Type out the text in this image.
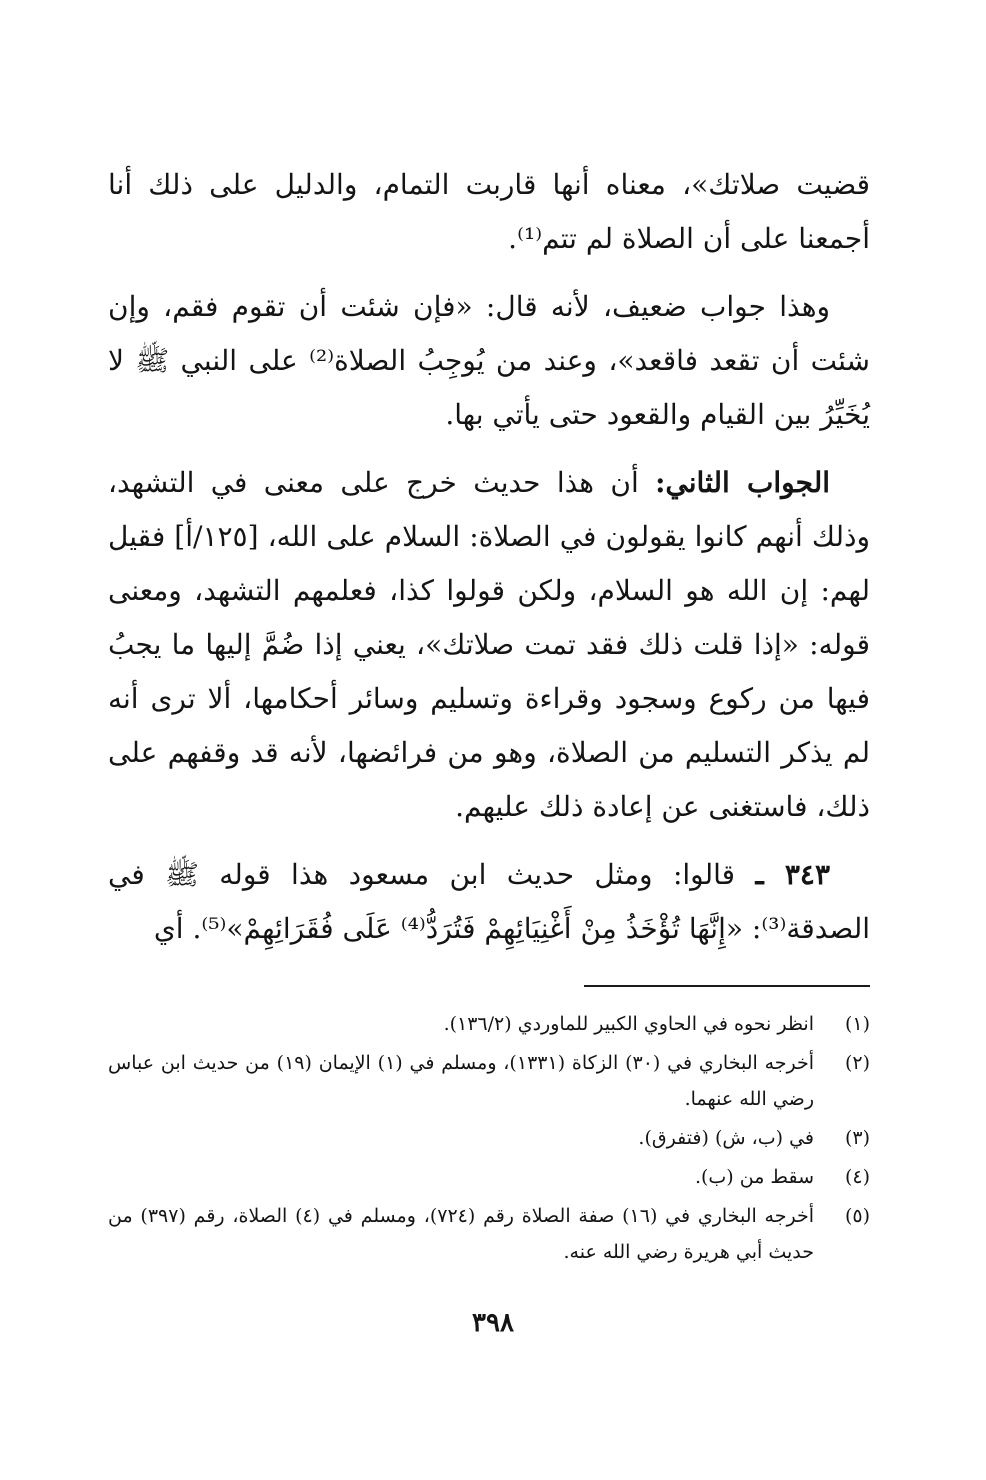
قضيت صلاتك»، معناه أنها قاربت التمام، والدليل على ذلك أنا أجمعنا على أن الصلاة لم تتم⁽¹⁾.

وهذا جواب ضعيف، لأنه قال: «فإن شئت أن تقوم فقم، وإن شئت أن تقعد فاقعد»، وعند من يُوجِبُ الصلاة⁽²⁾ على النبي ﷺ لا يُخَيِّرُ بين القيام والقعود حتى يأتي بها.

الجواب الثاني: أن هذا حديث خرج على معنى في التشهد، وذلك أنهم كانوا يقولون في الصلاة: السلام على الله، [١٢٥/أ] فقيل لهم: إن الله هو السلام، ولكن قولوا كذا، فعلمهم التشهد، ومعنى قوله: «إذا قلت ذلك فقد تمت صلاتك»، يعني إذا ضُمَّ إليها ما يجبُ فيها من ركوع وسجود وقراءة وتسليم وسائر أحكامها، ألا ترى أنه لم يذكر التسليم من الصلاة، وهو من فرائضها، لأنه قد وقفهم على ذلك، فاستغنى عن إعادة ذلك عليهم.

٣٤٣ ـ قالوا: ومثل حديث ابن مسعود هذا قوله ﷺ في الصدقة⁽³⁾: «إِنَّهَا تُؤْخَذُ مِنْ أَغْنِيَائِهِمْ فَتُرَدُّ⁽⁴⁾ عَلَى فُقَرَائِهِمْ»⁽⁵⁾. أي

(١)
انظر نحوه في الحاوي الكبير للماوردي (١٣٦/٢).
(٢)
أخرجه البخاري في (٣٠) الزكاة (١٣٣١)، ومسلم في (١) الإيمان (١٩) من حديث ابن عباس رضي الله عنهما.
(٣)
في (ب، ش) (فتفرق).
(٤)
سقط من (ب).
(٥)
أخرجه البخاري في (١٦) صفة الصلاة رقم (٧٢٤)، ومسلم في (٤) الصلاة، رقم (٣٩٧) من حديث أبي هريرة رضي الله عنه.
٣٩٨
